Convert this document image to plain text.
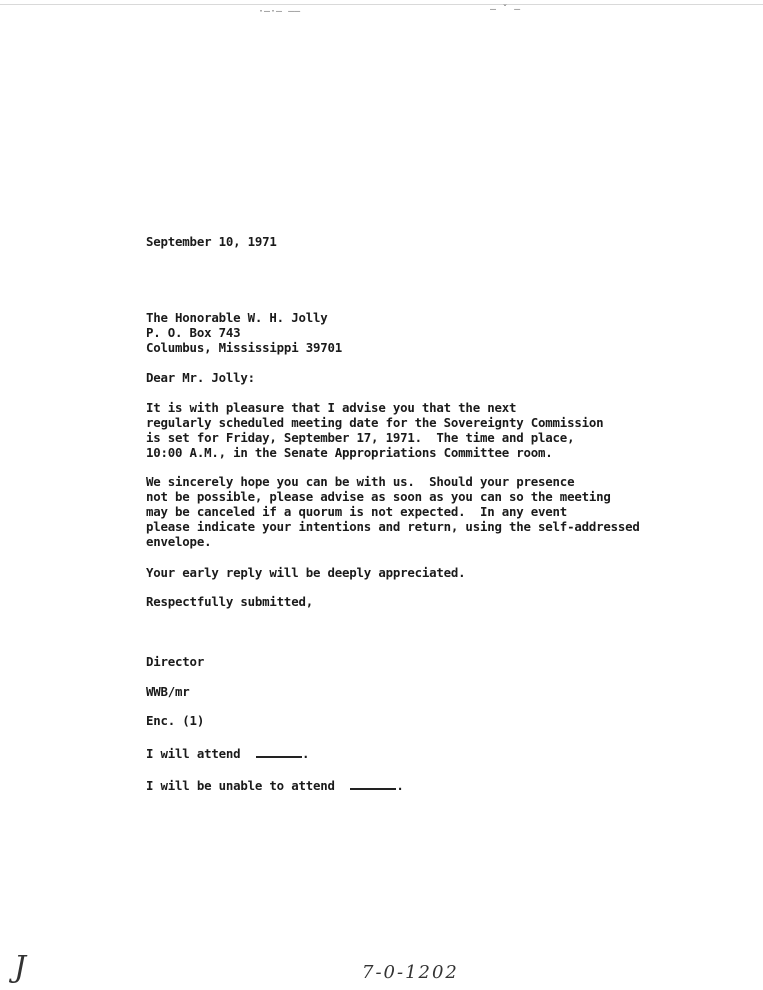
·–·‒ ––	– ˇ –
September 10, 1971
The Honorable W. H. Jolly
P. O. Box 743
Columbus, Mississippi 39701
Dear Mr. Jolly:
It is with pleasure that I advise you that the next
regularly scheduled meeting date for the Sovereignty Commission
is set for Friday, September 17, 1971.  The time and place,
10:00 A.M., in the Senate Appropriations Committee room.
We sincerely hope you can be with us.  Should your presence
not be possible, please advise as soon as you can so the meeting
may be canceled if a quorum is not expected.  In any event
please indicate your intentions and return, using the self-addressed
envelope.
Your early reply will be deeply appreciated.
Respectfully submitted,
Director
WWB/mr
Enc. (1)
I will attend	.
I will be unable to attend	.
J	7-0-1202
